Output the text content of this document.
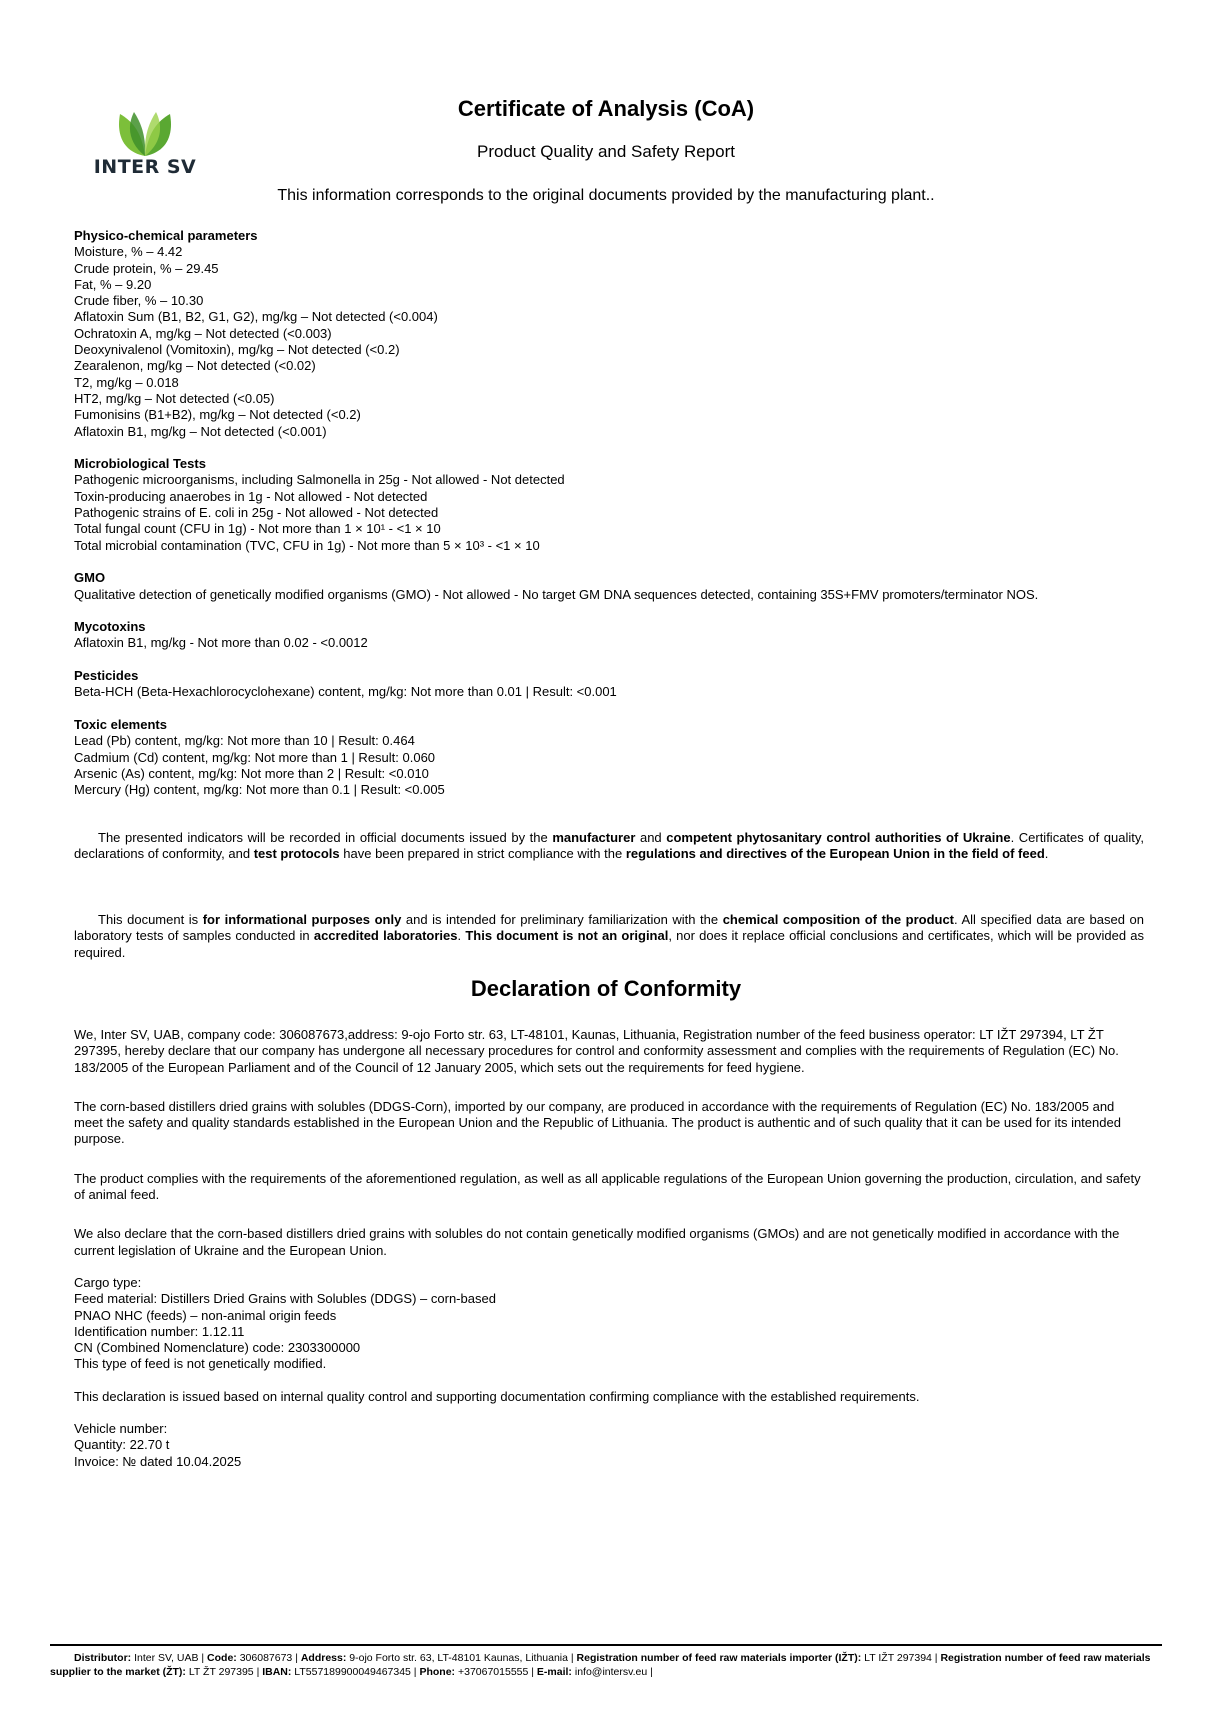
INTER SV
Certificate of Analysis (CoA)
Product Quality and Safety Report
This information corresponds to the original documents provided by the manufacturing plant..
Physico-chemical parameters
Moisture, % – 4.42
Crude protein, % – 29.45
Fat, % – 9.20
Crude fiber, % – 10.30
Aflatoxin Sum (B1, B2, G1, G2), mg/kg – Not detected (<0.004)
Ochratoxin A, mg/kg – Not detected (<0.003)
Deoxynivalenol (Vomitoxin), mg/kg – Not detected (<0.2)
Zearalenon, mg/kg – Not detected (<0.02)
T2, mg/kg – 0.018
HT2, mg/kg – Not detected (<0.05)
Fumonisins (B1+B2), mg/kg – Not detected (<0.2)
Aflatoxin B1, mg/kg – Not detected (<0.001)
Microbiological Tests
Pathogenic microorganisms, including Salmonella in 25g - Not allowed - Not detected
Toxin-producing anaerobes in 1g - Not allowed - Not detected
Pathogenic strains of E. coli in 25g - Not allowed - Not detected
Total fungal count (CFU in 1g) - Not more than 1 × 10¹ - <1 × 10
Total microbial contamination (TVC, CFU in 1g) - Not more than 5 × 10³ - <1 × 10
GMO
Qualitative detection of genetically modified organisms (GMO) - Not allowed - No target GM DNA sequences detected, containing 35S+FMV promoters/terminator NOS.
Mycotoxins
Aflatoxin B1, mg/kg - Not more than 0.02 - <0.0012
Pesticides
Beta-HCH (Beta-Hexachlorocyclohexane) content, mg/kg: Not more than 0.01 | Result: <0.001
Toxic elements
Lead (Pb) content, mg/kg: Not more than 10 | Result: 0.464
Cadmium (Cd) content, mg/kg: Not more than 1 | Result: 0.060
Arsenic (As) content, mg/kg: Not more than 2 | Result: <0.010
Mercury (Hg) content, mg/kg: Not more than 0.1 | Result: <0.005
The presented indicators will be recorded in official documents issued by the manufacturer and competent phytosanitary control authorities of Ukraine. Certificates of quality, declarations of conformity, and test protocols have been prepared in strict compliance with the regulations and directives of the European Union in the field of feed.
This document is for informational purposes only and is intended for preliminary familiarization with the chemical composition of the product. All specified data are based on laboratory tests of samples conducted in accredited laboratories. This document is not an original, nor does it replace official conclusions and certificates, which will be provided as required.
Declaration of Conformity

We, Inter SV, UAB, company code: 306087673,address: 9-ojo Forto str. 63, LT-48101, Kaunas, Lithuania, Registration number of the feed business operator: LT IŽT 297394, LT ŽT 297395, hereby declare that our company has undergone all necessary procedures for control and conformity assessment and complies with the requirements of Regulation (EC) No. 183/2005 of the European Parliament and of the Council of 12 January 2005, which sets out the requirements for feed hygiene.

The corn-based distillers dried grains with solubles (DDGS-Corn), imported by our company, are produced in accordance with the requirements of Regulation (EC) No. 183/2005 and meet the safety and quality standards established in the European Union and the Republic of Lithuania. The product is authentic and of such quality that it can be used for its intended purpose.

The product complies with the requirements of the aforementioned regulation, as well as all applicable regulations of the European Union governing the production, circulation, and safety of animal feed.

We also declare that the corn-based distillers dried grains with solubles do not contain genetically modified organisms (GMOs) and are not genetically modified in accordance with the current legislation of Ukraine and the European Union.

Cargo type:
Feed material: Distillers Dried Grains with Solubles (DDGS) – corn-based
PNAO NHC (feeds) – non-animal origin feeds
Identification number: 1.12.11
CN (Combined Nomenclature) code: 2303300000
This type of feed is not genetically modified.
This declaration is issued based on internal quality control and supporting documentation confirming compliance with the established requirements.
Vehicle number:
Quantity: 22.70 t
Invoice: № dated 10.04.2025
Distributor: Inter SV, UAB | Code: 306087673 | Address: 9-ojo Forto str. 63, LT-48101 Kaunas, Lithuania | Registration number of feed raw materials importer (IŽT): LT IŽT 297394 | Registration number of feed raw materials supplier to the market (ŽT): LT ŽT 297395 | IBAN: LT557189900049467345 | Phone: +37067015555 | E-mail: info@intersv.eu |
